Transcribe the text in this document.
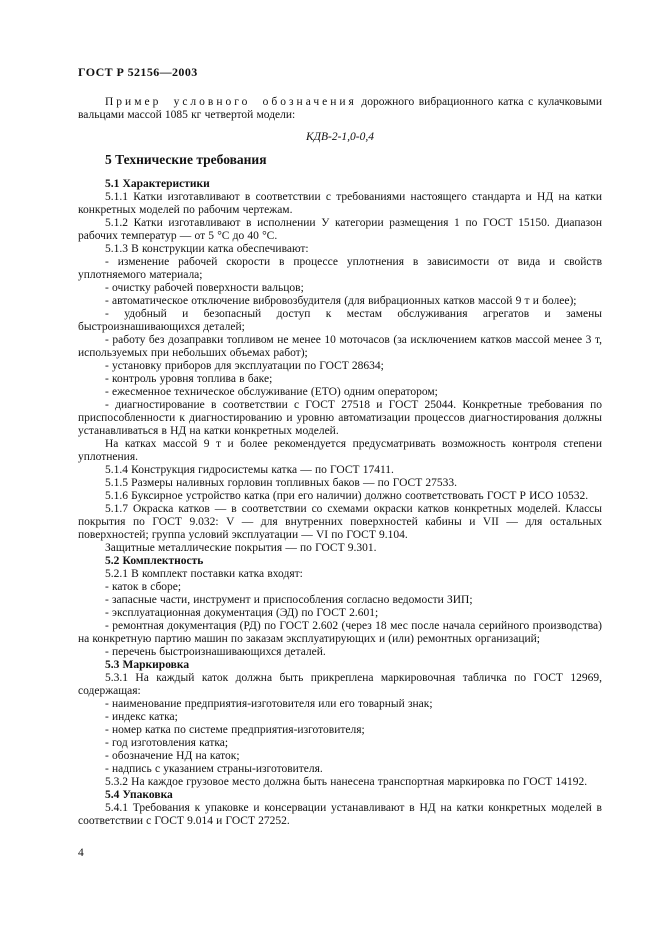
ГОСТ Р 52156—2003

Пример условного обозначения дорожного вибрационного катка с кулачковыми вальцами массой 1085 кг четвертой модели:

КДВ-2-1,0-0,4

5 Технические требования

5.1 Характеристики

5.1.1 Катки изготавливают в соответствии с требованиями настоящего стандарта и НД на катки конкретных моделей по рабочим чертежам.

5.1.2 Катки изготавливают в исполнении У категории размещения 1 по ГОСТ 15150. Диапазон рабочих температур — от 5 °С до 40 °С.

5.1.3 В конструкции катка обеспечивают:

- изменение рабочей скорости в процессе уплотнения в зависимости от вида и свойств уплотняемого материала;

- очистку рабочей поверхности вальцов;

- автоматическое отключение вибровозбудителя (для вибрационных катков массой 9 т и более);

- удобный и безопасный доступ к местам обслуживания агрегатов и замены быстроизнашивающихся деталей;

- работу без дозаправки топливом не менее 10 моточасов (за исключением катков массой менее 3 т, используемых при небольших объемах работ);

- установку приборов для эксплуатации по ГОСТ 28634;

- контроль уровня топлива в баке;

- ежесменное техническое обслуживание (ЕТО) одним оператором;

- диагностирование в соответствии с ГОСТ 27518 и ГОСТ 25044. Конкретные требования по приспособленности к диагностированию и уровню автоматизации процессов диагностирования должны устанавливаться в НД на катки конкретных моделей.

На катках массой 9 т и более рекомендуется предусматривать возможность контроля степени уплотнения.

5.1.4 Конструкция гидросистемы катка — по ГОСТ 17411.

5.1.5 Размеры наливных горловин топливных баков — по ГОСТ 27533.

5.1.6 Буксирное устройство катка (при его наличии) должно соответствовать ГОСТ Р ИСО 10532.

5.1.7 Окраска катков — в соответствии со схемами окраски катков конкретных моделей. Классы покрытия по ГОСТ 9.032: V — для внутренних поверхностей кабины и VII — для остальных поверхностей; группа условий эксплуатации — VI по ГОСТ 9.104.

Защитные металлические покрытия — по ГОСТ 9.301.

5.2 Комплектность

5.2.1 В комплект поставки катка входят:

- каток в сборе;

- запасные части, инструмент и приспособления согласно ведомости ЗИП;

- эксплуатационная документация (ЭД) по ГОСТ 2.601;

- ремонтная документация (РД) по ГОСТ 2.602 (через 18 мес после начала серийного производства) на конкретную партию машин по заказам эксплуатирующих и (или) ремонтных организаций;

- перечень быстроизнашивающихся деталей.

5.3 Маркировка

5.3.1 На каждый каток должна быть прикреплена маркировочная табличка по ГОСТ 12969, содержащая:

- наименование предприятия-изготовителя или его товарный знак;

- индекс катка;

- номер катка по системе предприятия-изготовителя;

- год изготовления катка;

- обозначение НД на каток;

- надпись с указанием страны-изготовителя.

5.3.2 На каждое грузовое место должна быть нанесена транспортная маркировка по ГОСТ 14192.

5.4 Упаковка

5.4.1 Требования к упаковке и консервации устанавливают в НД на катки конкретных моделей в соответствии с ГОСТ 9.014 и ГОСТ 27252.

4
